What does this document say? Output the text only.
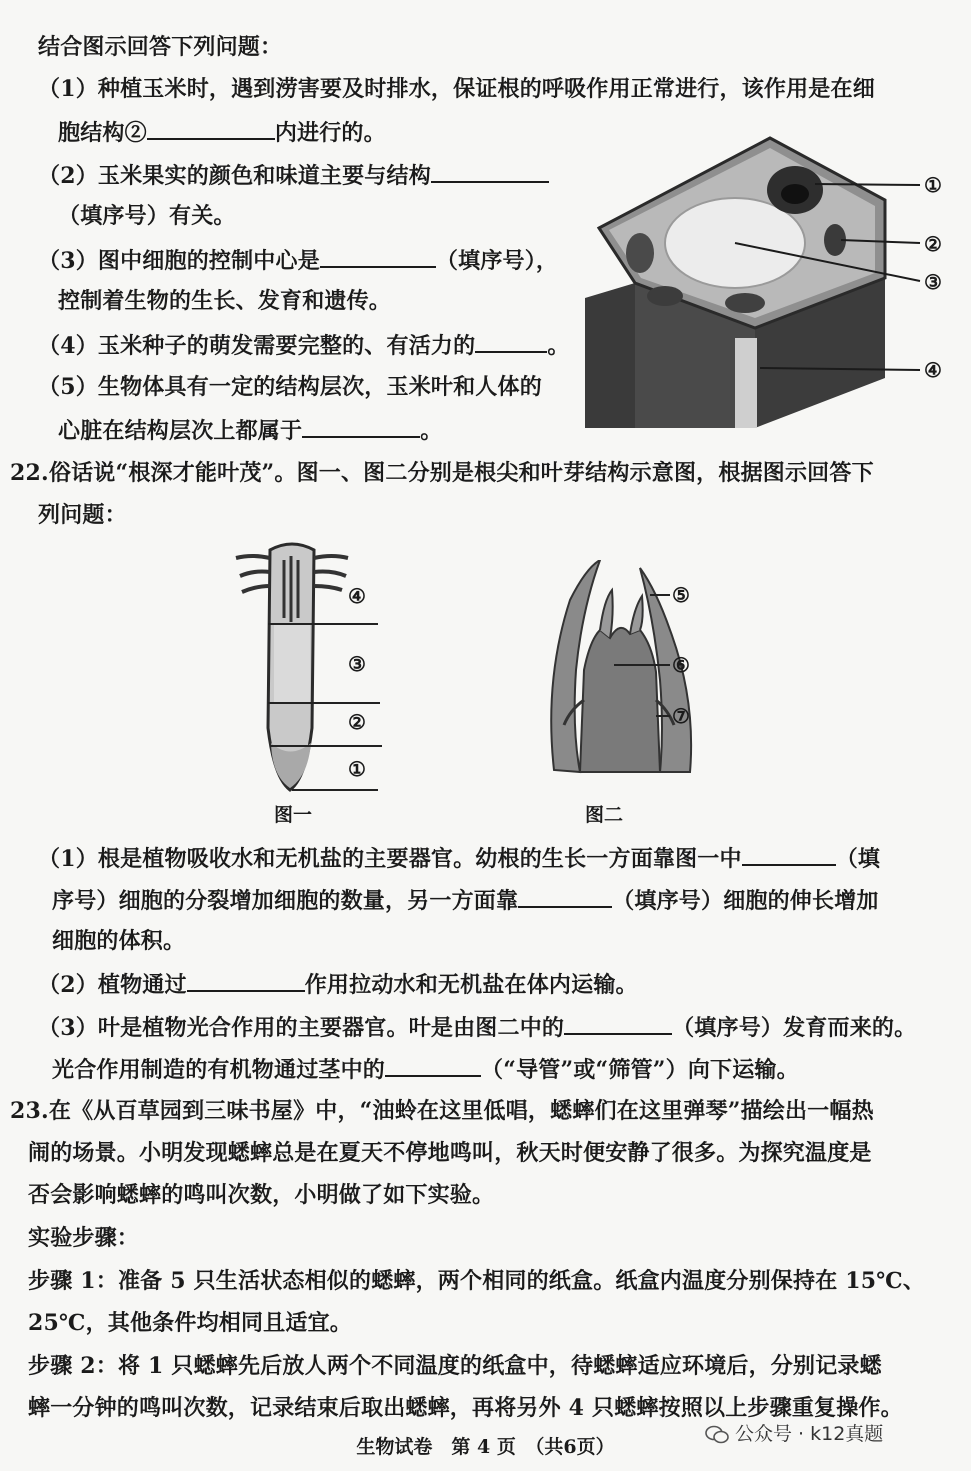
结合图示回答下列问题：
（1）种植玉米时，遇到涝害要及时排水，保证根的呼吸作用正常进行，该作用是在细
胞结构②	内进行的。
（2）玉米果实的颜色和味道主要与结构
（填序号）有关。
（3）图中细胞的控制中心是	（填序号），
控制着生物的生长、发育和遗传。
（4）玉米种子的萌发需要完整的、有活力的	。
（5）生物体具有一定的结构层次，玉米叶和人体的
心脏在结构层次上都属于	。
①
②
③
④
22.俗话说“根深才能叶茂”。图一、图二分别是根尖和叶芽结构示意图，根据图示回答下
列问题：
④
③
②
①
图一
⑤
⑥
⑦
图二
（1）根是植物吸收水和无机盐的主要器官。幼根的生长一方面靠图一中	（填
序号）细胞的分裂增加细胞的数量，另一方面靠	（填序号）细胞的伸长增加
细胞的体积。
（2）植物通过	作用拉动水和无机盐在体内运输。
（3）叶是植物光合作用的主要器官。叶是由图二中的	（填序号）发育而来的。
光合作用制造的有机物通过茎中的	（“导管”或“筛管”）向下运输。
23.在《从百草园到三味书屋》中，“油蛉在这里低唱，蟋蟀们在这里弹琴”描绘出一幅热
闹的场景。小明发现蟋蟀总是在夏天不停地鸣叫，秋天时便安静了很多。为探究温度是
否会影响蟋蟀的鸣叫次数，小明做了如下实验。
实验步骤：
步骤 1：准备 5 只生活状态相似的蟋蟀，两个相同的纸盒。纸盒内温度分别保持在 15℃、
25℃，其他条件均相同且适宜。
步骤 2：将 1 只蟋蟀先后放人两个不同温度的纸盒中，待蟋蟀适应环境后，分别记录蟋
蟀一分钟的鸣叫次数，记录结束后取出蟋蟀，再将另外 4 只蟋蟀按照以上步骤重复操作。
生物试卷　第 4 页　（共6页）
公众号 · k12真题
